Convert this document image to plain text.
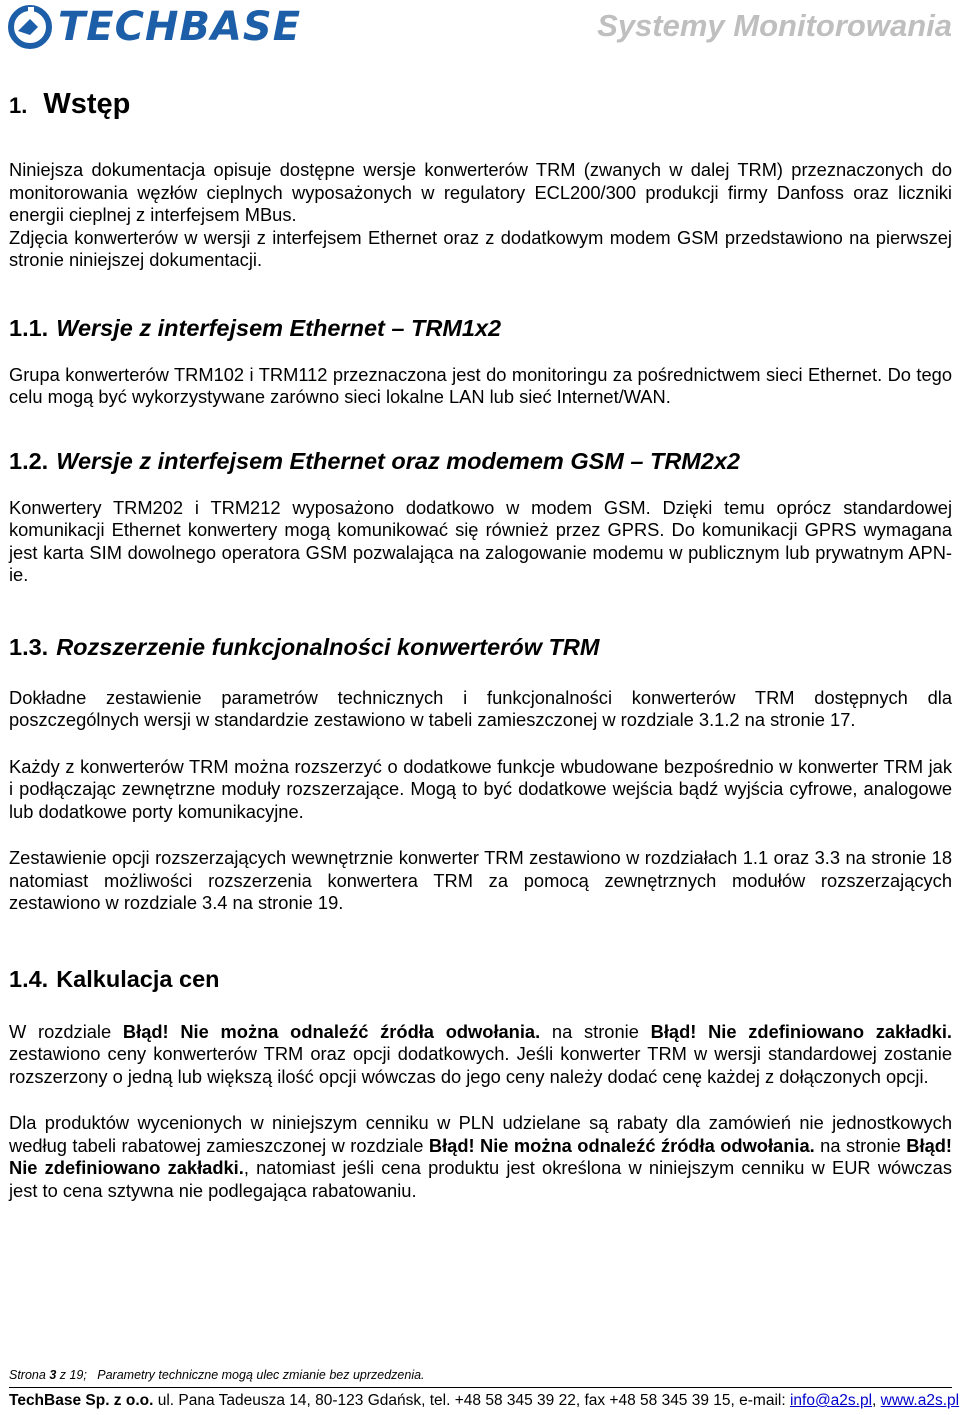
TECHBASE	Systemy Monitorowania
1. Wstęp

Niniejsza dokumentacja opisuje dostępne wersje konwerterów TRM (zwanych w dalej TRM) przeznaczonych do monitorowania węzłów cieplnych wyposażonych w regulatory ECL200/300 produkcji firmy Danfoss oraz liczniki energii cieplnej z interfejsem MBus.

Zdjęcia konwerterów w wersji z interfejsem Ethernet oraz z dodatkowym modem GSM przedstawiono na pierwszej stronie niniejszej dokumentacji.

1.1. Wersje z interfejsem Ethernet – TRM1x2

Grupa konwerterów TRM102 i TRM112 przeznaczona jest do monitoringu za pośrednictwem sieci Ethernet. Do tego celu mogą być wykorzystywane zarówno sieci lokalne LAN lub sieć Internet/WAN.

1.2. Wersje z interfejsem Ethernet oraz modemem GSM – TRM2x2

Konwertery TRM202 i TRM212 wyposażono dodatkowo w modem GSM. Dzięki temu oprócz standardowej komunikacji Ethernet konwertery mogą komunikować się również przez GPRS. Do komunikacji GPRS wymagana jest karta SIM dowolnego operatora GSM pozwalająca na zalogowanie modemu w publicznym lub prywatnym APN-ie.

1.3. Rozszerzenie funkcjonalności konwerterów TRM

Dokładne zestawienie parametrów technicznych i funkcjonalności konwerterów TRM dostępnych dla poszczególnych wersji w standardzie zestawiono w tabeli zamieszczonej w rozdziale 3.1.2 na stronie 17.

Każdy z konwerterów TRM można rozszerzyć o dodatkowe funkcje wbudowane bezpośrednio w konwerter TRM jak i podłączając zewnętrzne moduły rozszerzające. Mogą to być dodatkowe wejścia bądź wyjścia cyfrowe, analogowe lub dodatkowe porty komunikacyjne.

Zestawienie opcji rozszerzających wewnętrznie konwerter TRM zestawiono w rozdziałach 1.1 oraz 3.3 na stronie 18 natomiast możliwości rozszerzenia konwertera TRM za pomocą zewnętrznych modułów rozszerzających zestawiono w rozdziale 3.4 na stronie 19.

1.4. Kalkulacja cen

W rozdziale Błąd! Nie można odnaleźć źródła odwołania. na stronie Błąd! Nie zdefiniowano zakładki. zestawiono ceny konwerterów TRM oraz opcji dodatkowych. Jeśli konwerter TRM w wersji standardowej zostanie rozszerzony o jedną lub większą ilość opcji wówczas do jego ceny należy dodać cenę każdej z dołączonych opcji.

Dla produktów wycenionych w niniejszym cenniku w PLN udzielane są rabaty dla zamówień nie jednostkowych według tabeli rabatowej zamieszczonej w rozdziale Błąd! Nie można odnaleźć źródła odwołania. na stronie Błąd! Nie zdefiniowano zakładki., natomiast jeśli cena produktu jest określona w niniejszym cenniku w EUR wówczas jest to cena sztywna nie podlegająca rabatowaniu.

Strona 3 z 19; Parametry techniczne mogą ulec zmianie bez uprzedzenia.
TechBase Sp. z o.o. ul. Pana Tadeusza 14, 80-123 Gdańsk, tel. +48 58 345 39 22, fax +48 58 345 39 15, e-mail: info@a2s.pl, www.a2s.pl
